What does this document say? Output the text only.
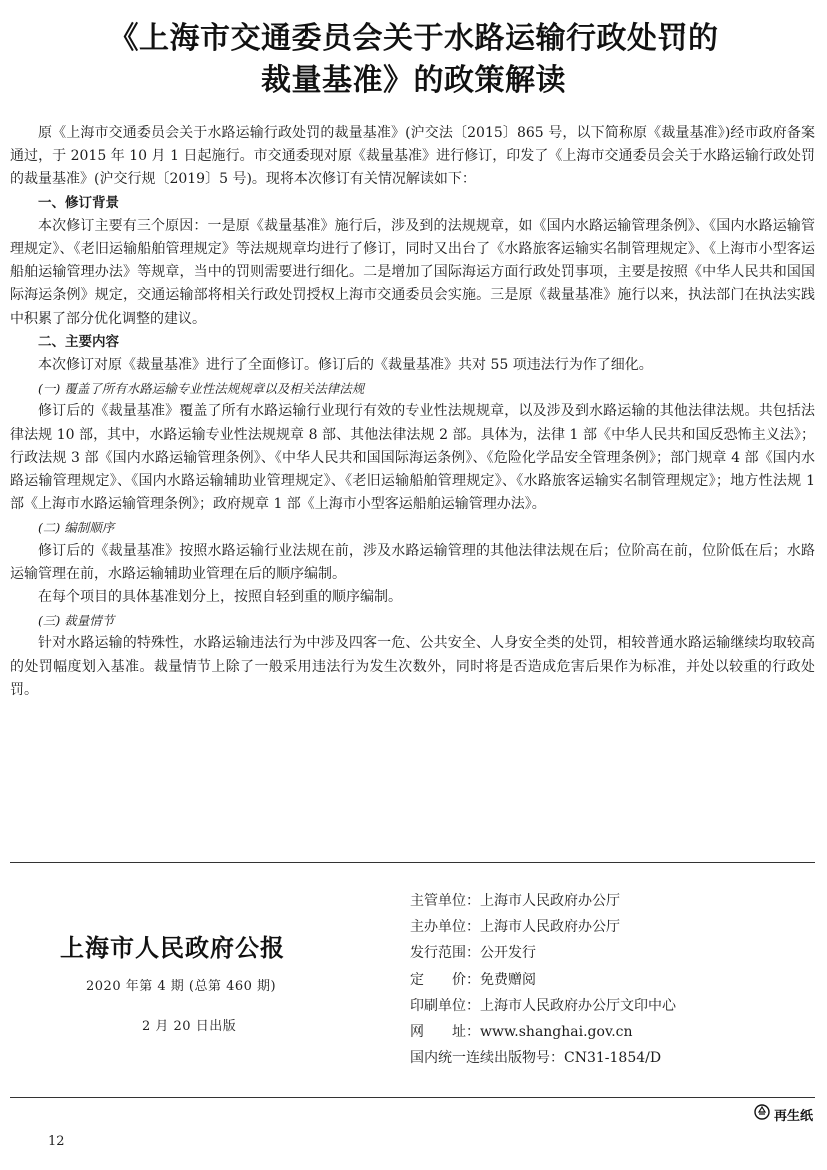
《上海市交通委员会关于水路运输行政处罚的
裁量基准》的政策解读

原《上海市交通委员会关于水路运输行政处罚的裁量基准》(沪交法〔2015〕865 号，以下简称原《裁量基准》)经市政府备案通过，于 2015 年 10 月 1 日起施行。市交通委现对原《裁量基准》进行修订，印发了《上海市交通委员会关于水路运输行政处罚的裁量基准》(沪交行规〔2019〕5 号)。现将本次修订有关情况解读如下：

一、修订背景

本次修订主要有三个原因：一是原《裁量基准》施行后，涉及到的法规规章，如《国内水路运输管理条例》、《国内水路运输管理规定》、《老旧运输船舶管理规定》等法规规章均进行了修订，同时又出台了《水路旅客运输实名制管理规定》、《上海市小型客运船舶运输管理办法》等规章，当中的罚则需要进行细化。二是增加了国际海运方面行政处罚事项，主要是按照《中华人民共和国国际海运条例》规定，交通运输部将相关行政处罚授权上海市交通委员会实施。三是原《裁量基准》施行以来，执法部门在执法实践中积累了部分优化调整的建议。

二、主要内容

本次修订对原《裁量基准》进行了全面修订。修订后的《裁量基准》共对 55 项违法行为作了细化。

(一) 覆盖了所有水路运输专业性法规规章以及相关法律法规

修订后的《裁量基准》覆盖了所有水路运输行业现行有效的专业性法规规章，以及涉及到水路运输的其他法律法规。共包括法律法规 10 部，其中，水路运输专业性法规规章 8 部、其他法律法规 2 部。具体为，法律 1 部《中华人民共和国反恐怖主义法》；行政法规 3 部《国内水路运输管理条例》、《中华人民共和国国际海运条例》、《危险化学品安全管理条例》；部门规章 4 部《国内水路运输管理规定》、《国内水路运输辅助业管理规定》、《老旧运输船舶管理规定》、《水路旅客运输实名制管理规定》；地方性法规 1 部《上海市水路运输管理条例》；政府规章 1 部《上海市小型客运船舶运输管理办法》。

(二) 编制顺序

修订后的《裁量基准》按照水路运输行业法规在前，涉及水路运输管理的其他法律法规在后；位阶高在前，位阶低在后；水路运输管理在前，水路运输辅助业管理在后的顺序编制。

在每个项目的具体基准划分上，按照自轻到重的顺序编制。

(三) 裁量情节

针对水路运输的特殊性，水路运输违法行为中涉及四客一危、公共安全、人身安全类的处罚，相较普通水路运输继续均取较高的处罚幅度划入基准。裁量情节上除了一般采用违法行为发生次数外，同时将是否造成危害后果作为标准，并处以较重的行政处罚。

上海市人民政府公报
2020 年第 4 期 (总第 460 期)
2 月 20 日出版
主管单位： 上海市人民政府办公厅
主办单位： 上海市人民政府办公厅
发行范围： 公开发行
定　　价： 免费赠阅
印刷单位： 上海市人民政府办公厅文印中心
网　　址： www.shanghai.gov.cn
国内统一连续出版物号： CN31-1854/D
再生纸
12
